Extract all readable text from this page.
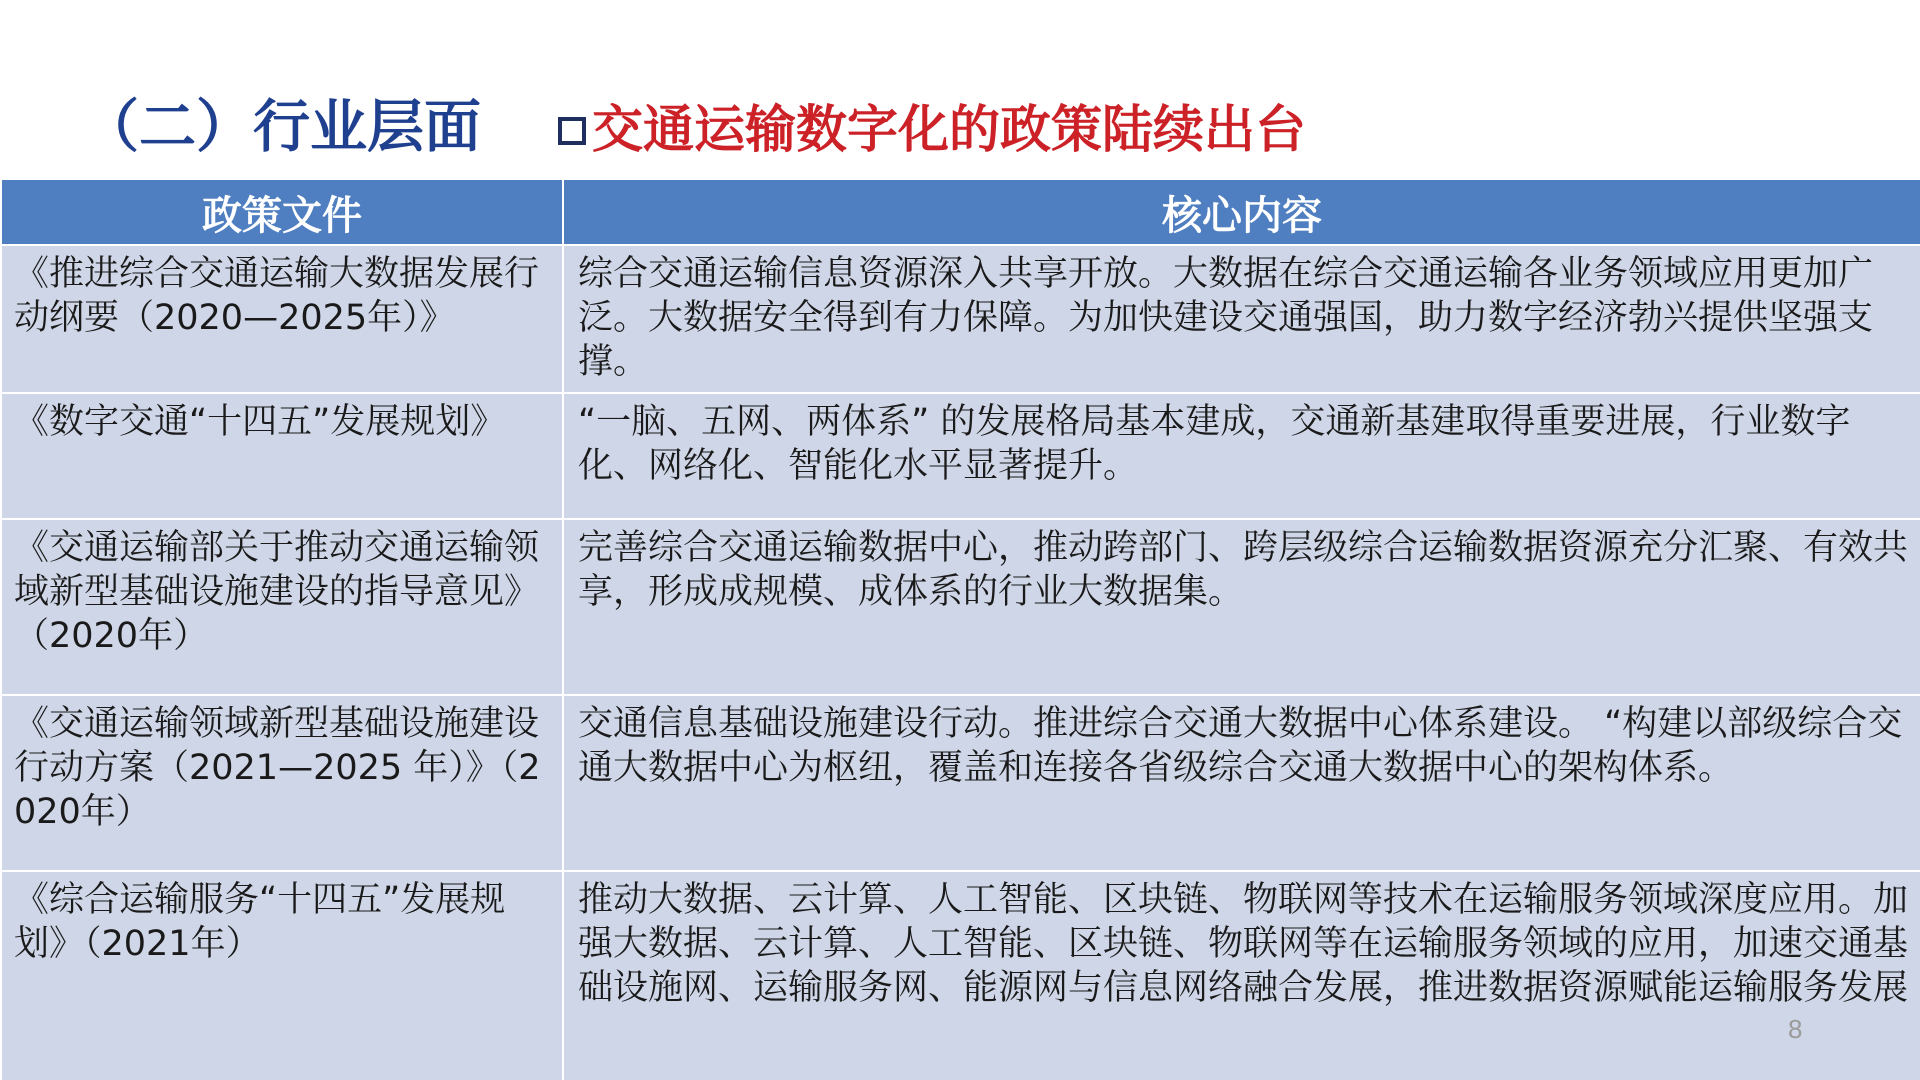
（二）行业层面 交通运输数字化的政策陆续出台
政策文件	核心内容
《推进综合交通运输大数据发展行动纲要（2020—2025年）》	综合交通运输信息资源深入共享开放。大数据在综合交通运输各业务领域应用更加广泛。大数据安全得到有力保障。为加快建设交通强国，助力数字经济勃兴提供坚强支撑。
《数字交通“十四五”发展规划》	“一脑、五网、两体系” 的发展格局基本建成，交通新基建取得重要进展，行业数字化、网络化、智能化水平显著提升。
《交通运输部关于推动交通运输领域新型基础设施建设的指导意见》（2020年）	完善综合交通运输数据中心，推动跨部门、跨层级综合运输数据资源充分汇聚、有效共享，形成成规模、成体系的行业大数据集。
《交通运输领域新型基础设施建设行动方案（2021—2025 年）》（2020年）	交通信息基础设施建设行动。推进综合交通大数据中心体系建设。 “构建以部级综合交通大数据中心为枢纽，覆盖和连接各省级综合交通大数据中心的架构体系。
《综合运输服务“十四五”发展规划》（2021年）	推动大数据、云计算、人工智能、区块链、物联网等技术在运输服务领域深度应用。加强大数据、云计算、人工智能、区块链、物联网等在运输服务领域的应用，加速交通基础设施网、运输服务网、能源网与信息网络融合发展，推进数据资源赋能运输服务发展
8
